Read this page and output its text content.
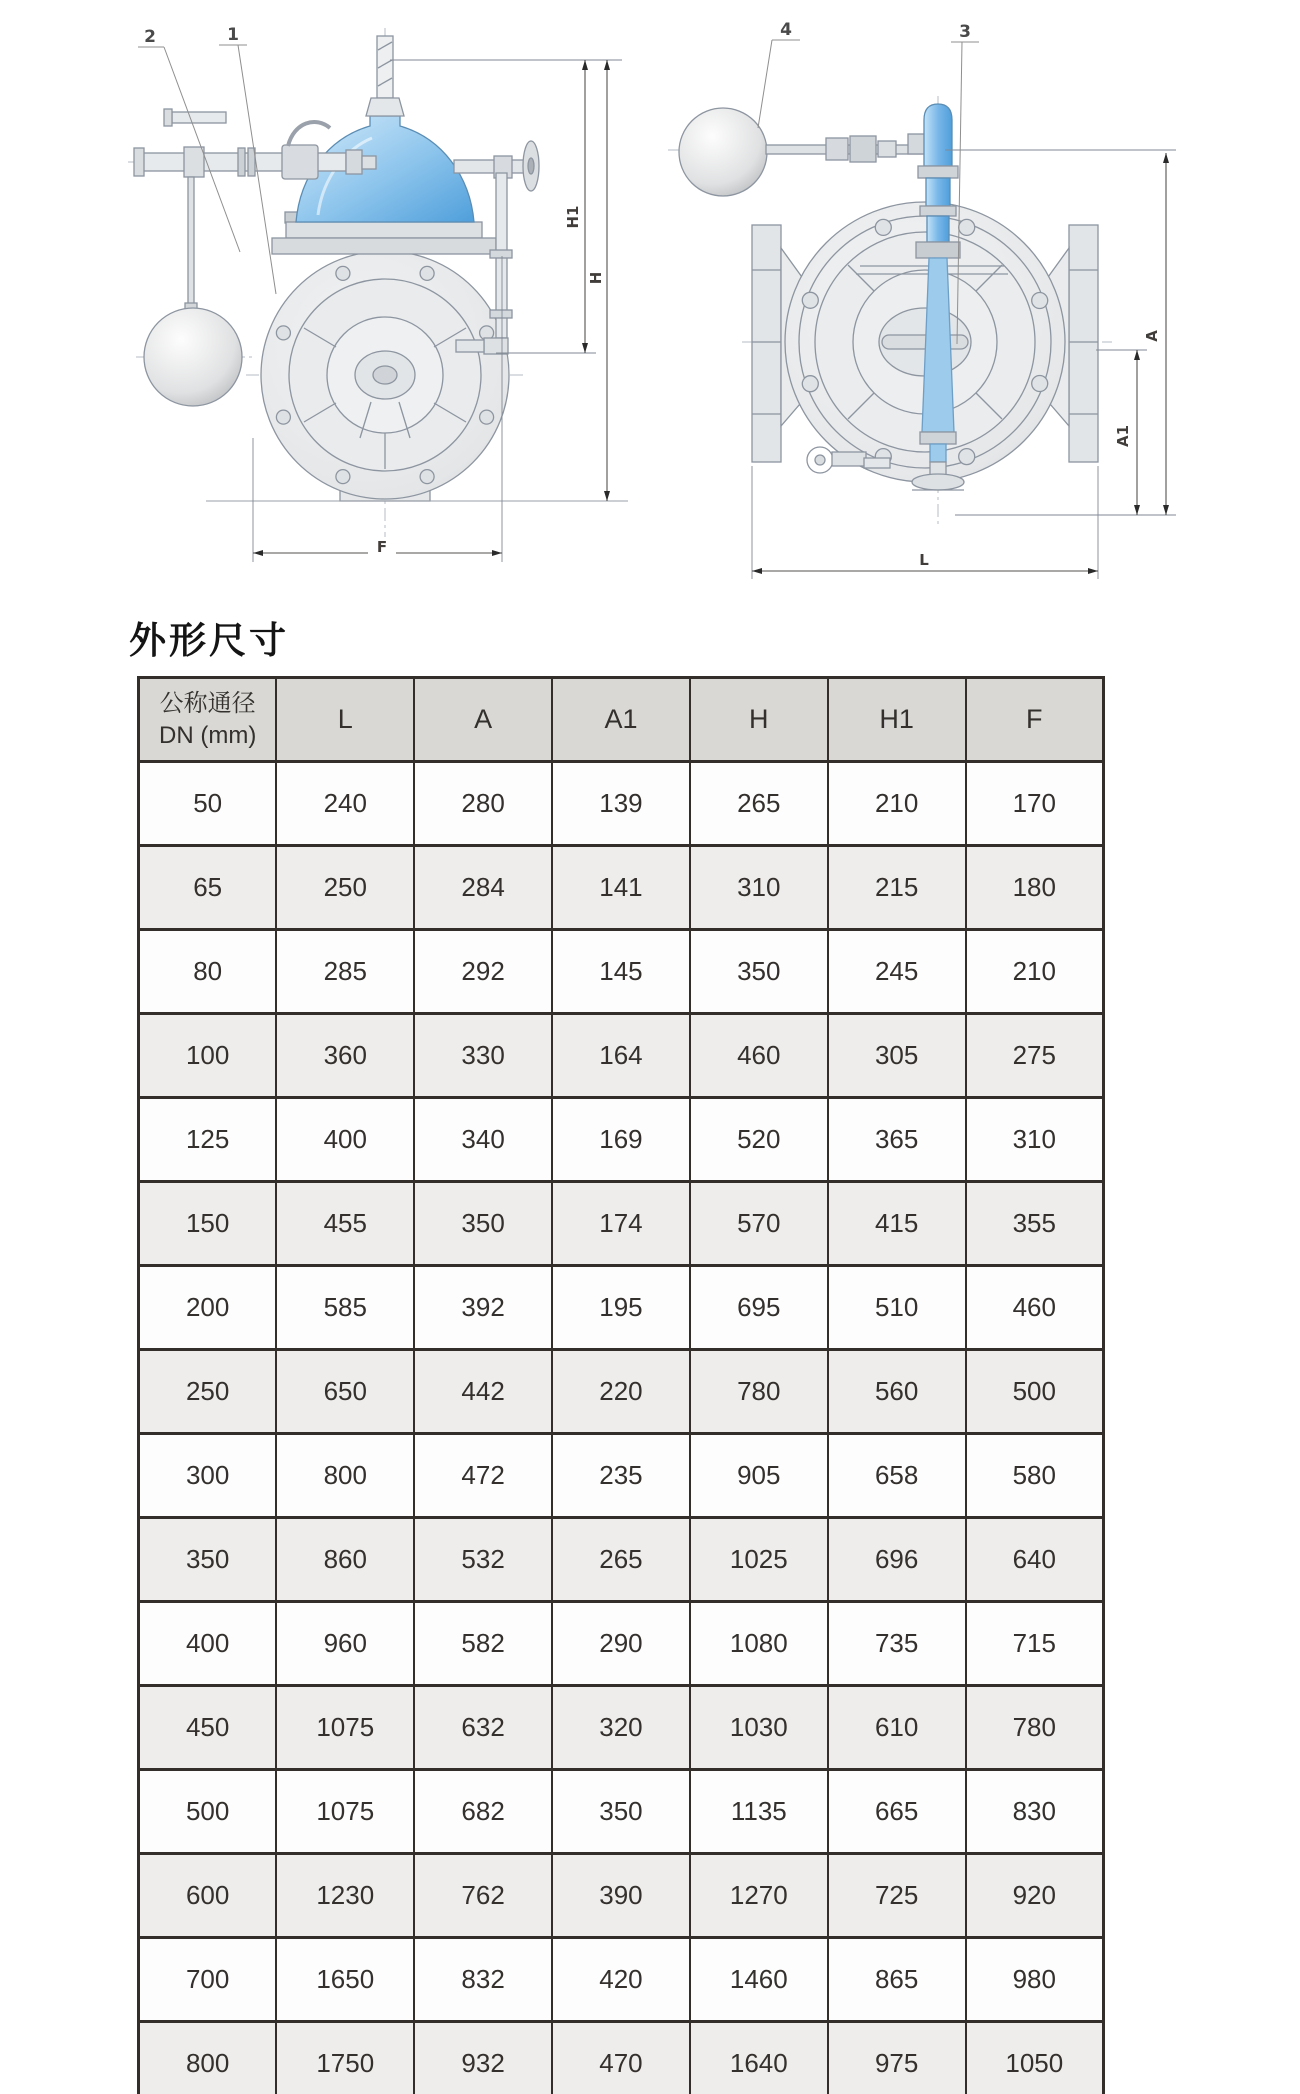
F
H1
H
2	1
A
A1
L
4	3
外形尺寸
公称通径
DN (mm)	L	A	A1	H	H1	F
50	240	280	139	265	210	170
65	250	284	141	310	215	180
80	285	292	145	350	245	210
100	360	330	164	460	305	275
125	400	340	169	520	365	310
150	455	350	174	570	415	355
200	585	392	195	695	510	460
250	650	442	220	780	560	500
300	800	472	235	905	658	580
350	860	532	265	1025	696	640
400	960	582	290	1080	735	715
450	1075	632	320	1030	610	780
500	1075	682	350	1135	665	830
600	1230	762	390	1270	725	920
700	1650	832	420	1460	865	980
800	1750	932	470	1640	975	1050
